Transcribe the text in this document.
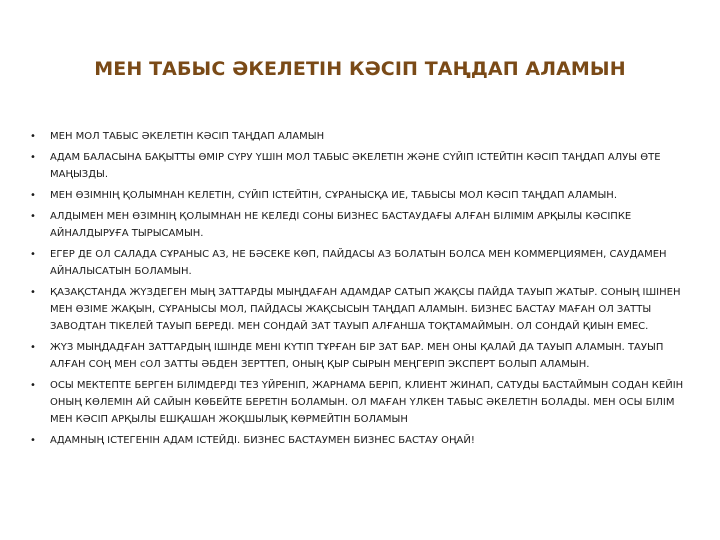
МЕН ТАБЫС ӘКЕЛЕТІН КӘСІП ТАҢДАП АЛАМЫН
• МЕН МОЛ ТАБЫС ӘКЕЛЕТІН КӘСІП ТАҢДАП АЛАМЫН
• АДАМ БАЛАСЫНА БАҚЫТТЫ ӨМІР СҮРУ ҮШІН МОЛ ТАБЫС ӘКЕЛЕТІН ЖӘНЕ СҮЙІП ІСТЕЙТІН КӘСІП ТАҢДАП АЛУЫ ӨТЕ МАҢЫЗДЫ.
• МЕН ӨЗІМНІҢ ҚОЛЫМНАН КЕЛЕТІН, СҮЙІП ІСТЕЙТІН, СҰРАНЫСҚА ИЕ, ТАБЫСЫ МОЛ КӘСІП ТАҢДАП АЛАМЫН.
• АЛДЫМЕН МЕН ӨЗІМНІҢ ҚОЛЫМНАН НЕ КЕЛЕДІ СОНЫ БИЗНЕС БАСТАУДАҒЫ АЛҒАН БІЛІМІМ АРҚЫЛЫ КӘСІПКЕ АЙНАЛДЫРУҒА ТЫРЫСАМЫН.
• ЕГЕР ДЕ ОЛ САЛАДА СҰРАНЫС АЗ, НЕ БӘСЕКЕ КӨП, ПАЙДАСЫ АЗ БОЛАТЫН БОЛСА МЕН КОММЕРЦИЯМЕН, САУДАМЕН АЙНАЛЫСАТЫН БОЛАМЫН.
• ҚАЗАҚСТАНДА ЖҮЗДЕГЕН МЫҢ ЗАТТАРДЫ МЫҢДАҒАН АДАМДАР САТЫП ЖАҚСЫ ПАЙДА ТАУЫП ЖАТЫР. СОНЫҢ ІШІНЕН МЕН ӨЗІМЕ ЖАҚЫН, СҰРАНЫСЫ МОЛ, ПАЙДАСЫ ЖАҚСЫСЫН ТАҢДАП АЛАМЫН. БИЗНЕС БАСТАУ МАҒАН ОЛ ЗАТТЫ ЗАВОДТАН ТІКЕЛЕЙ ТАУЫП БЕРЕДІ. МЕН СОНДАЙ ЗАТ ТАУЫП АЛҒАНША ТОҚТАМАЙМЫН. ОЛ СОНДАЙ ҚИЫН ЕМЕС.
• ЖҮЗ МЫҢДАДҒАН ЗАТТАРДЫҢ ІШІНДЕ МЕНІ КҮТІП ТҰРҒАН БІР ЗАТ БАР. МЕН ОНЫ ҚАЛАЙ ДА ТАУЫП АЛАМЫН. ТАУЫП АЛҒАН СОҢ МЕН сОЛ ЗАТТЫ ӘБДЕН ЗЕРТТЕП, ОНЫҢ ҚЫР СЫРЫН МЕҢГЕРІП ЭКСПЕРТ БОЛЫП АЛАМЫН.
• ОСЫ МЕКТЕПТЕ БЕРГЕН БІЛІМДЕРДІ ТЕЗ ҮЙРЕНІП, ЖАРНАМА БЕРІП, КЛИЕНТ ЖИНАП, САТУДЫ БАСТАЙМЫН СОДАН КЕЙІН ОНЫҢ КӨЛЕМІН АЙ САЙЫН КӨБЕЙТЕ БЕРЕТІН БОЛАМЫН. ОЛ МАҒАН ҮЛКЕН ТАБЫС ӘКЕЛЕТІН БОЛАДЫ. МЕН ОСЫ БІЛІМ МЕН КӘСІП АРҚЫЛЫ ЕШҚАШАН ЖОҚШЫЛЫҚ КӨРМЕЙТІН БОЛАМЫН
• АДАМНЫҢ ІСТЕГЕНІН АДАМ ІСТЕЙДІ. БИЗНЕС БАСТАУМЕН БИЗНЕС БАСТАУ ОҢАЙ!
